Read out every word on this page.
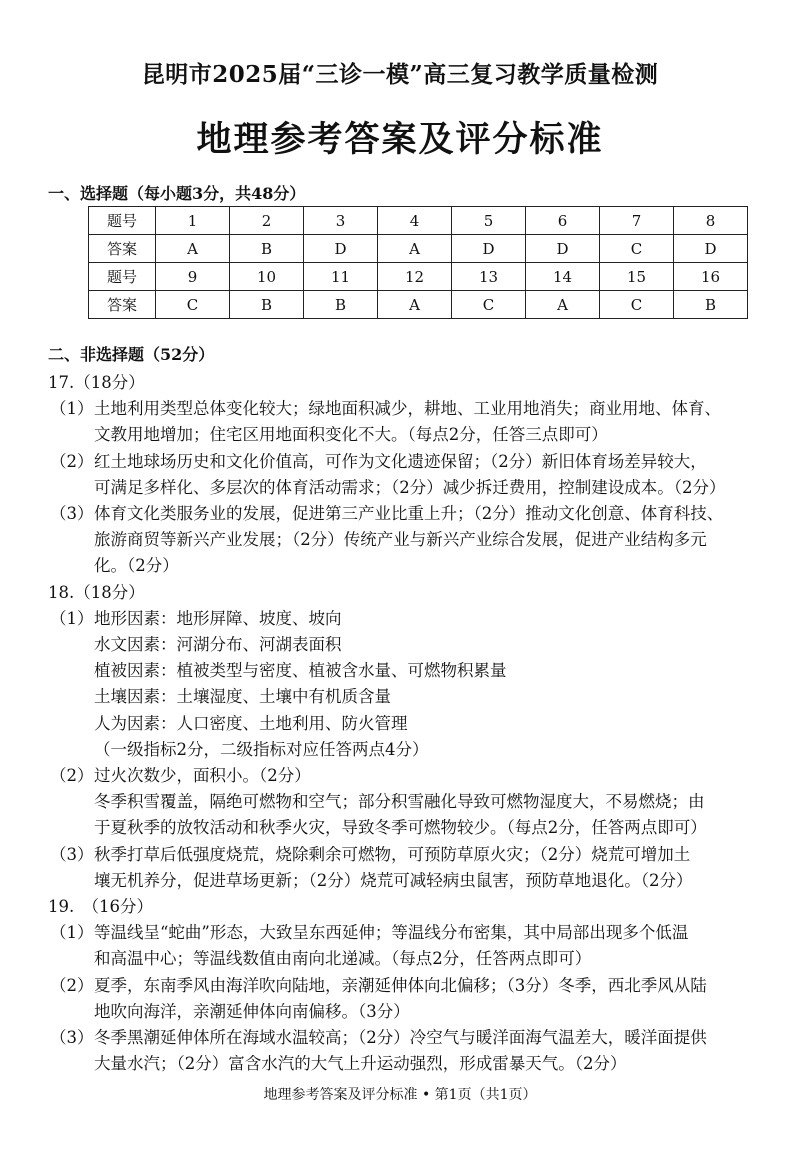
昆明市2025届“三诊一模”高三复习教学质量检测
地理参考答案及评分标准
一、选择题（每小题3分，共48分）
题号	1	2	3	4	5	6	7	8
答案	A	B	D	A	D	D	C	D
题号	9	10	11	12	13	14	15	16
答案	C	B	B	A	C	A	C	B
二、非选择题（52分）
17.（18分）
（1） 土地利用类型总体变化较大；绿地面积减少，耕地、工业用地消失；商业用地、体育、
文教用地增加；住宅区用地面积变化不大。（每点2分，任答三点即可）
（2） 红土地球场历史和文化价值高，可作为文化遗迹保留；（2分）新旧体育场差异较大，
可满足多样化、多层次的体育活动需求；（2分）减少拆迁费用，控制建设成本。（2分）
（3） 体育文化类服务业的发展，促进第三产业比重上升；（2分）推动文化创意、体育科技、
旅游商贸等新兴产业发展；（2分）传统产业与新兴产业综合发展，促进产业结构多元
化。（2分）
18.（18分）
（1） 地形因素：地形屏障、坡度、坡向
水文因素：河湖分布、河湖表面积
植被因素：植被类型与密度、植被含水量、可燃物积累量
土壤因素：土壤湿度、土壤中有机质含量
人为因素：人口密度、土地利用、防火管理
（一级指标2分，二级指标对应任答两点4分）
（2） 过火次数少，面积小。（2分）
冬季积雪覆盖，隔绝可燃物和空气；部分积雪融化导致可燃物湿度大，不易燃烧；由
于夏秋季的放牧活动和秋季火灾，导致冬季可燃物较少。（每点2分，任答两点即可）
（3） 秋季打草后低强度烧荒，烧除剩余可燃物，可预防草原火灾；（2分）烧荒可增加土
壤无机养分，促进草场更新；（2分）烧荒可减轻病虫鼠害，预防草地退化。（2分）
19.　（16分）
（1） 等温线呈“蛇曲”形态，大致呈东西延伸；等温线分布密集，其中局部出现多个低温
和高温中心；等温线数值由南向北递减。（每点2分，任答两点即可）
（2） 夏季，东南季风由海洋吹向陆地，亲潮延伸体向北偏移；（3分）冬季，西北季风从陆
地吹向海洋，亲潮延伸体向南偏移。（3分）
（3） 冬季黑潮延伸体所在海域水温较高；（2分）冷空气与暖洋面海气温差大，暖洋面提供
大量水汽；（2分）富含水汽的大气上升运动强烈，形成雷暴天气。（2分）
地理参考答案及评分标准 • 第1页（共1页）
